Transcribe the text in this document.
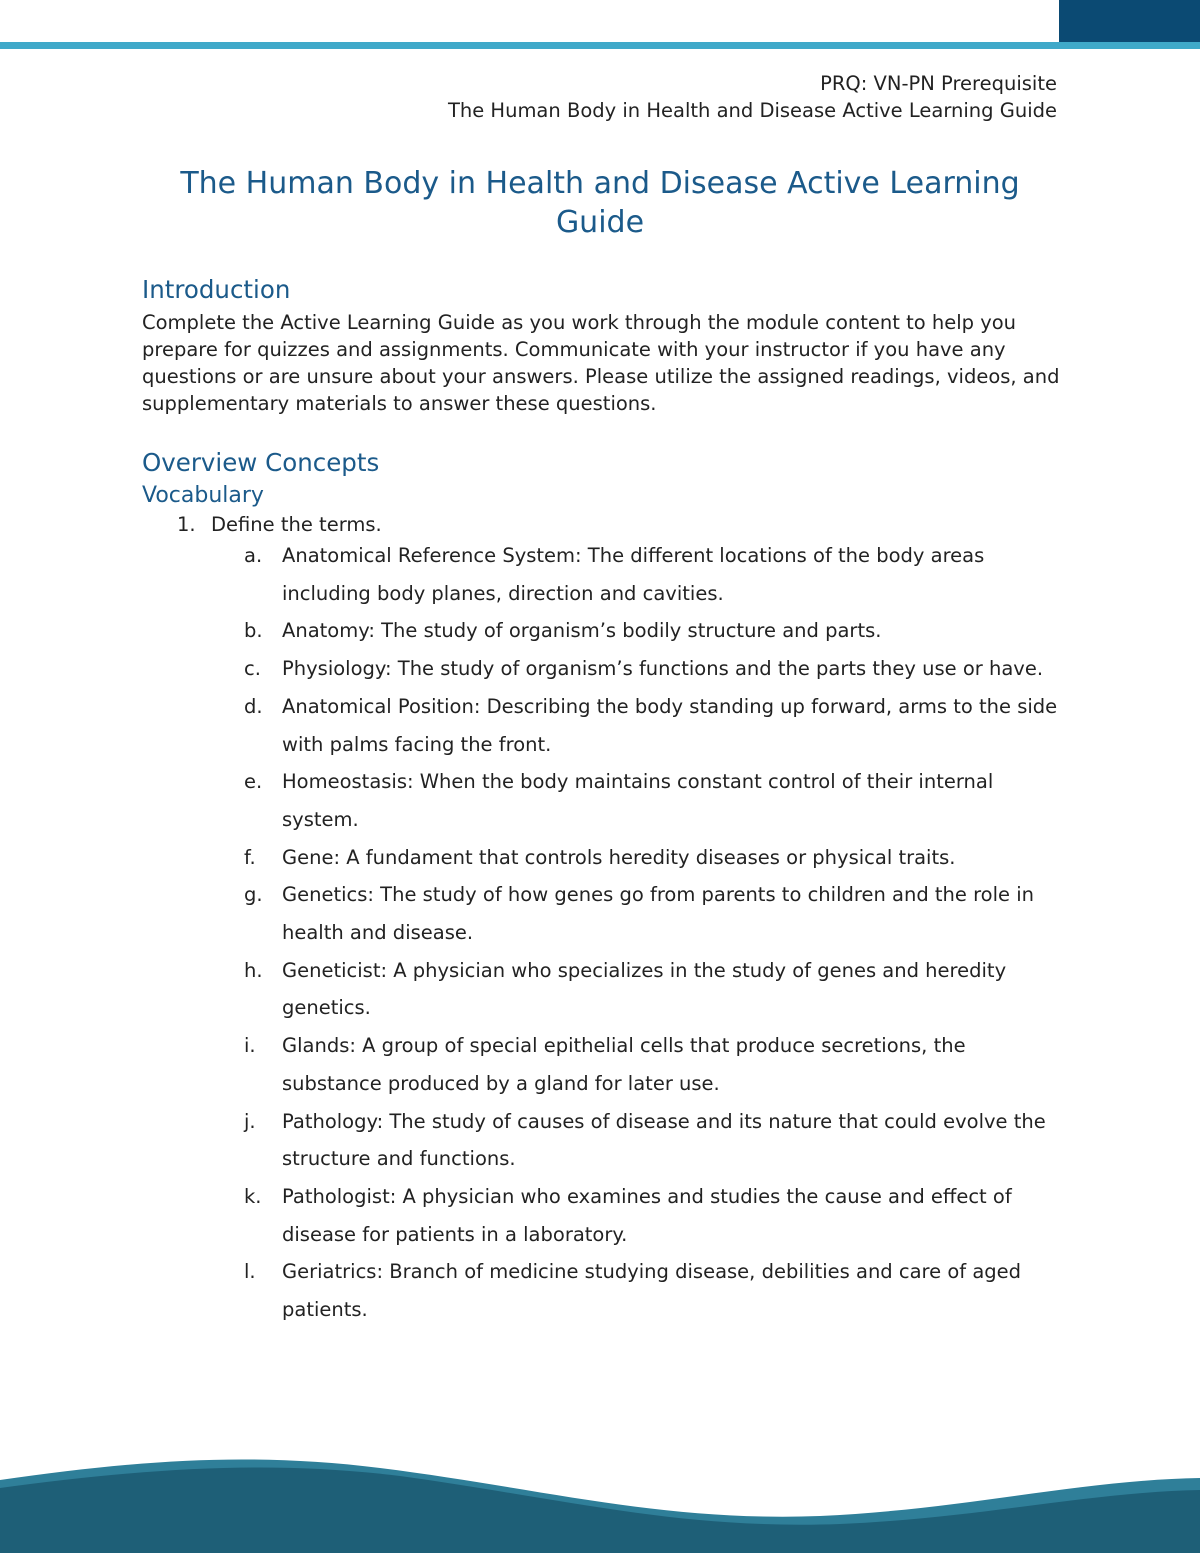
PRQ: VN-PN Prerequisite
The Human Body in Health and Disease Active Learning Guide
The Human Body in Health and Disease Active Learning
Guide
Introduction

Complete the Active Learning Guide as you work through the module content to help you prepare for quizzes and assignments. Communicate with your instructor if you have any questions or are unsure about your answers. Please utilize the assigned readings, videos, and supplementary materials to answer these questions.

Overview Concepts
Vocabulary
1. Define the terms.
a. Anatomical Reference System: The different locations of the body areas including body planes, direction and cavities.
b. Anatomy: The study of organism’s bodily structure and parts.
c. Physiology: The study of organism’s functions and the parts they use or have.
d. Anatomical Position: Describing the body standing up forward, arms to the side with palms facing the front.
e. Homeostasis: When the body maintains constant control of their internal system.
f. Gene: A fundament that controls heredity diseases or physical traits.
g. Genetics: The study of how genes go from parents to children and the role in health and disease.
h. Geneticist: A physician who specializes in the study of genes and heredity genetics.
i. Glands: A group of special epithelial cells that produce secretions, the substance produced by a gland for later use.
j. Pathology: The study of causes of disease and its nature that could evolve the structure and functions.
k. Pathologist: A physician who examines and studies the cause and effect of disease for patients in a laboratory.
l. Geriatrics: Branch of medicine studying disease, debilities and care of aged patients.
